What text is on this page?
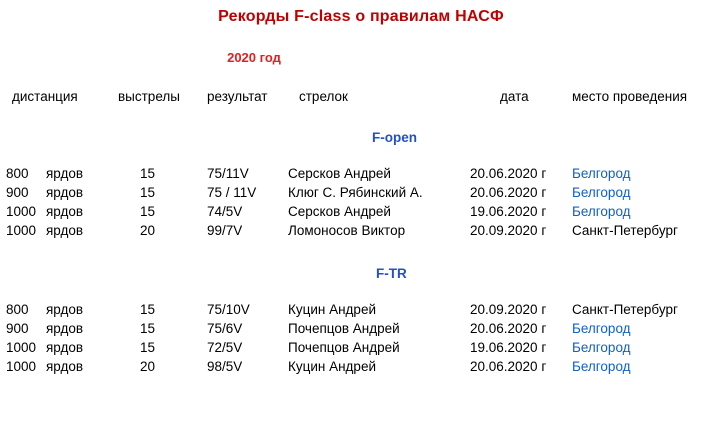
Рекорды F-class о правилам НАСФ
2020 год
дистанция	выстрелы результат стрелок	дата	место проведения
F-open
800 ярдов	15	75/11V	Серсков Андрей	20.06.2020 г Белгород
900 ярдов	15	75 / 11V Клюг С. Рябинский А.	20.06.2020 г Белгород
1000 ярдов	15	74/5V	Серсков Андрей	19.06.2020 г Белгород
1000 ярдов	20	99/7V	Ломоносов Виктор	20.09.2020 г Санкт-Петербург
F-TR
800 ярдов	15	75/10V	Куцин Андрей	20.09.2020 г Санкт-Петербург
900 ярдов	15	75/6V	Почепцов Андрей	20.06.2020 г Белгород
1000 ярдов	15	72/5V	Почепцов Андрей	19.06.2020 г Белгород
1000 ярдов	20	98/5V	Куцин Андрей	20.06.2020 г Белгород
